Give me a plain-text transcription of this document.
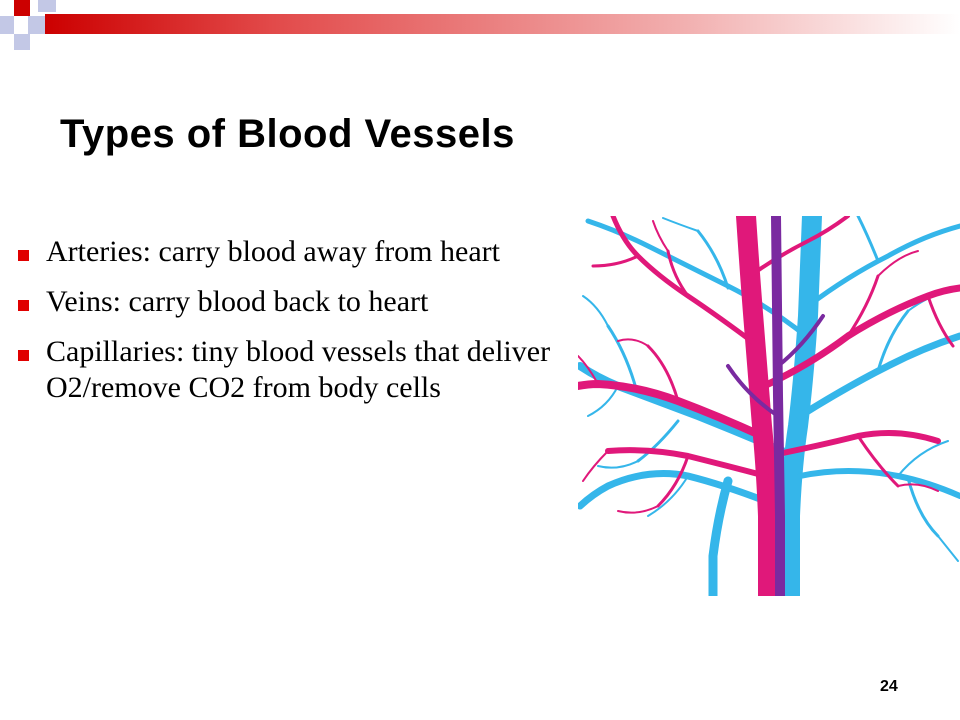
Types of Blood Vessels
Arteries: carry blood away from heart
Veins: carry blood back to heart
Capillaries: tiny blood vessels that deliver O2/remove CO2 from body cells
24
